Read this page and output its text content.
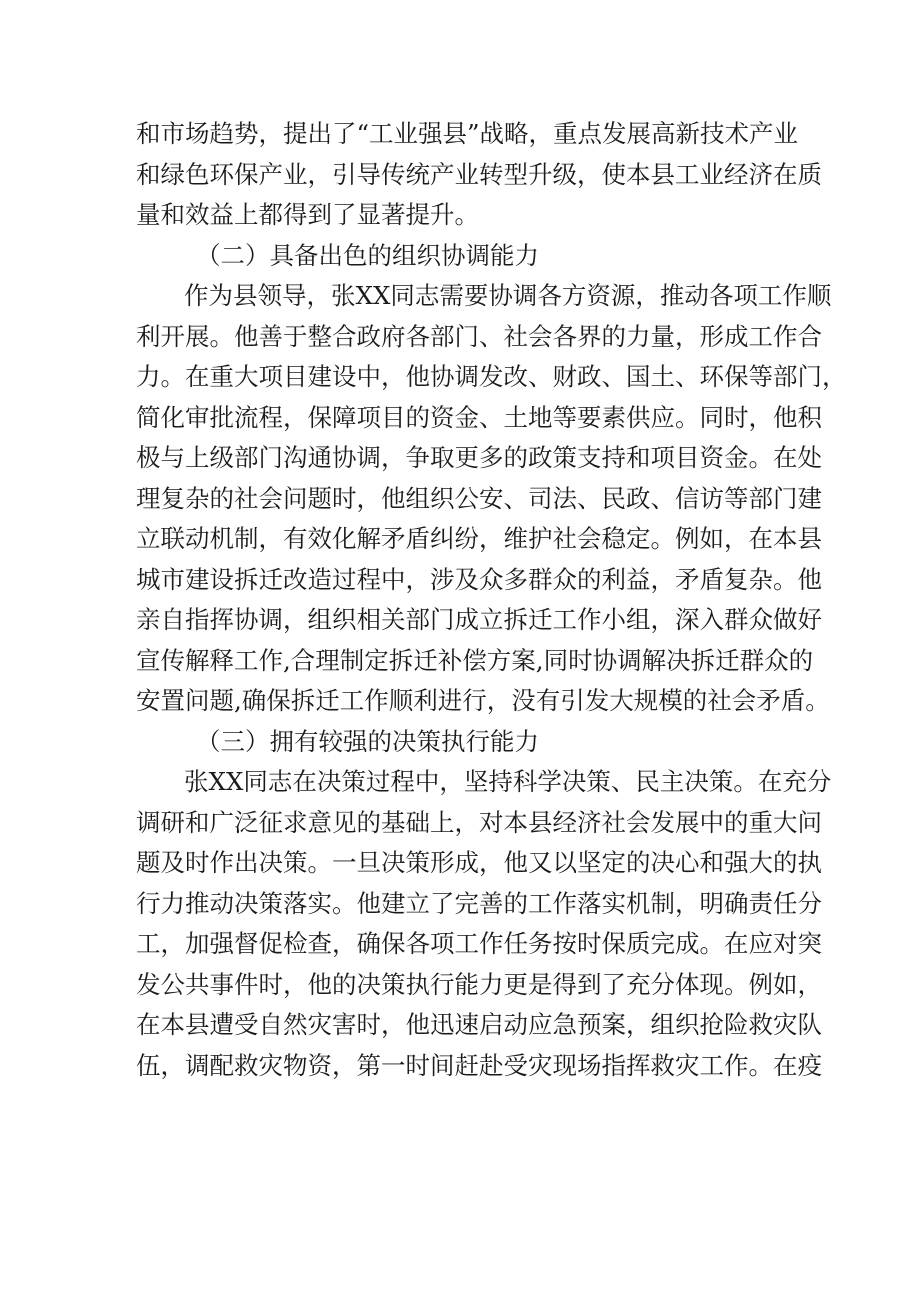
和市场趋势，提出了“工业强县”战略，重点发展高新技术产业
和绿色环保产业，引导传统产业转型升级，使本县工业经济在质
量和效益上都得到了显著提升。
（二）具备出色的组织协调能力
作为县领导，张XX同志需要协调各方资源，推动各项工作顺
利开展。他善于整合政府各部门、社会各界的力量，形成工作合
力。在重大项目建设中，他协调发改、财政、国土、环保等部门，
简化审批流程，保障项目的资金、土地等要素供应。同时，他积
极与上级部门沟通协调，争取更多的政策支持和项目资金。在处
理复杂的社会问题时，他组织公安、司法、民政、信访等部门建
立联动机制，有效化解矛盾纠纷，维护社会稳定。例如，在本县
城市建设拆迁改造过程中，涉及众多群众的利益，矛盾复杂。他
亲自指挥协调，组织相关部门成立拆迁工作小组，深入群众做好
宣传解释工作,合理制定拆迁补偿方案,同时协调解决拆迁群众的
安置问题,确保拆迁工作顺利进行，没有引发大规模的社会矛盾。
（三）拥有较强的决策执行能力
张XX同志在决策过程中，坚持科学决策、民主决策。在充分
调研和广泛征求意见的基础上，对本县经济社会发展中的重大问
题及时作出决策。一旦决策形成，他又以坚定的决心和强大的执
行力推动决策落实。他建立了完善的工作落实机制，明确责任分
工，加强督促检查，确保各项工作任务按时保质完成。在应对突
发公共事件时，他的决策执行能力更是得到了充分体现。例如，
在本县遭受自然灾害时，他迅速启动应急预案，组织抢险救灾队
伍，调配救灾物资，第一时间赶赴受灾现场指挥救灾工作。在疫
